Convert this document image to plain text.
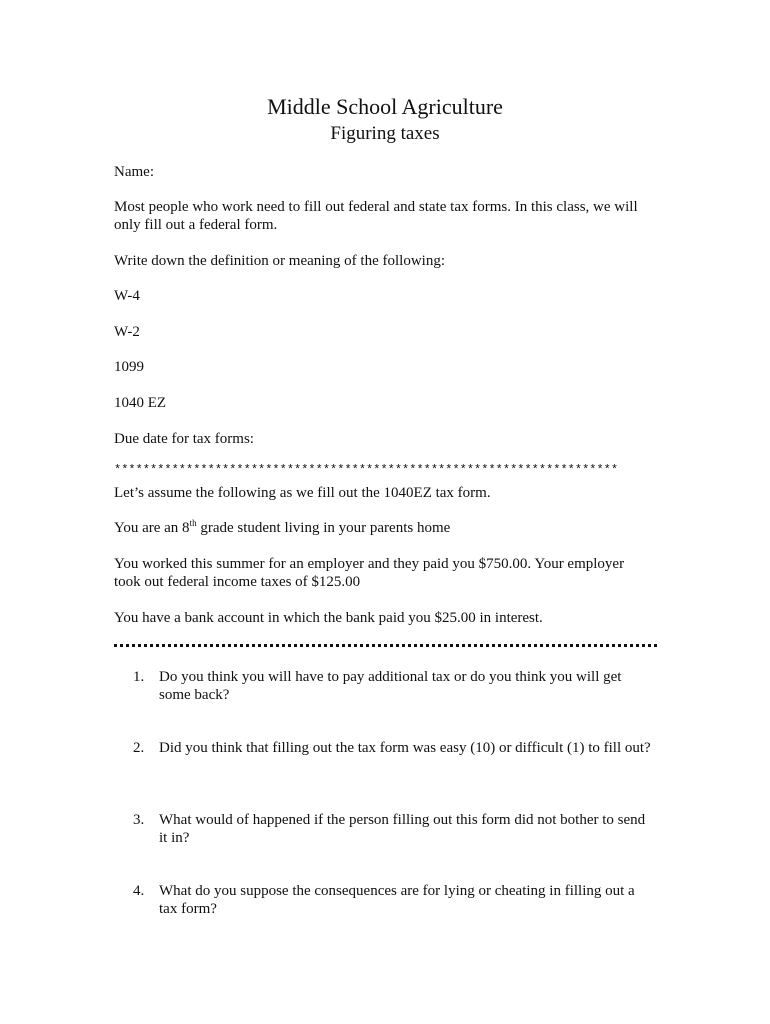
Middle School Agriculture
Figuring taxes
Name:
Most people who work need to fill out federal and state tax forms. In this class, we will
only fill out a federal form.
Write down the definition or meaning of the following:
W-4
W-2
1099
1040 EZ
Due date for tax forms:
**********************************************************************
Let’s assume the following as we fill out the 1040EZ tax form.
You are an 8th grade student living in your parents home
You worked this summer for an employer and they paid you $750.00. Your employer
took out federal income taxes of $125.00
You have a bank account in which the bank paid you $25.00 in interest.
1. Do you think you will have to pay additional tax or do you think you will get
some back?
2. Did you think that filling out the tax form was easy (10) or difficult (1) to fill out?
3. What would of happened if the person filling out this form did not bother to send
it in?
4. What do you suppose the consequences are for lying or cheating in filling out a
tax form?
